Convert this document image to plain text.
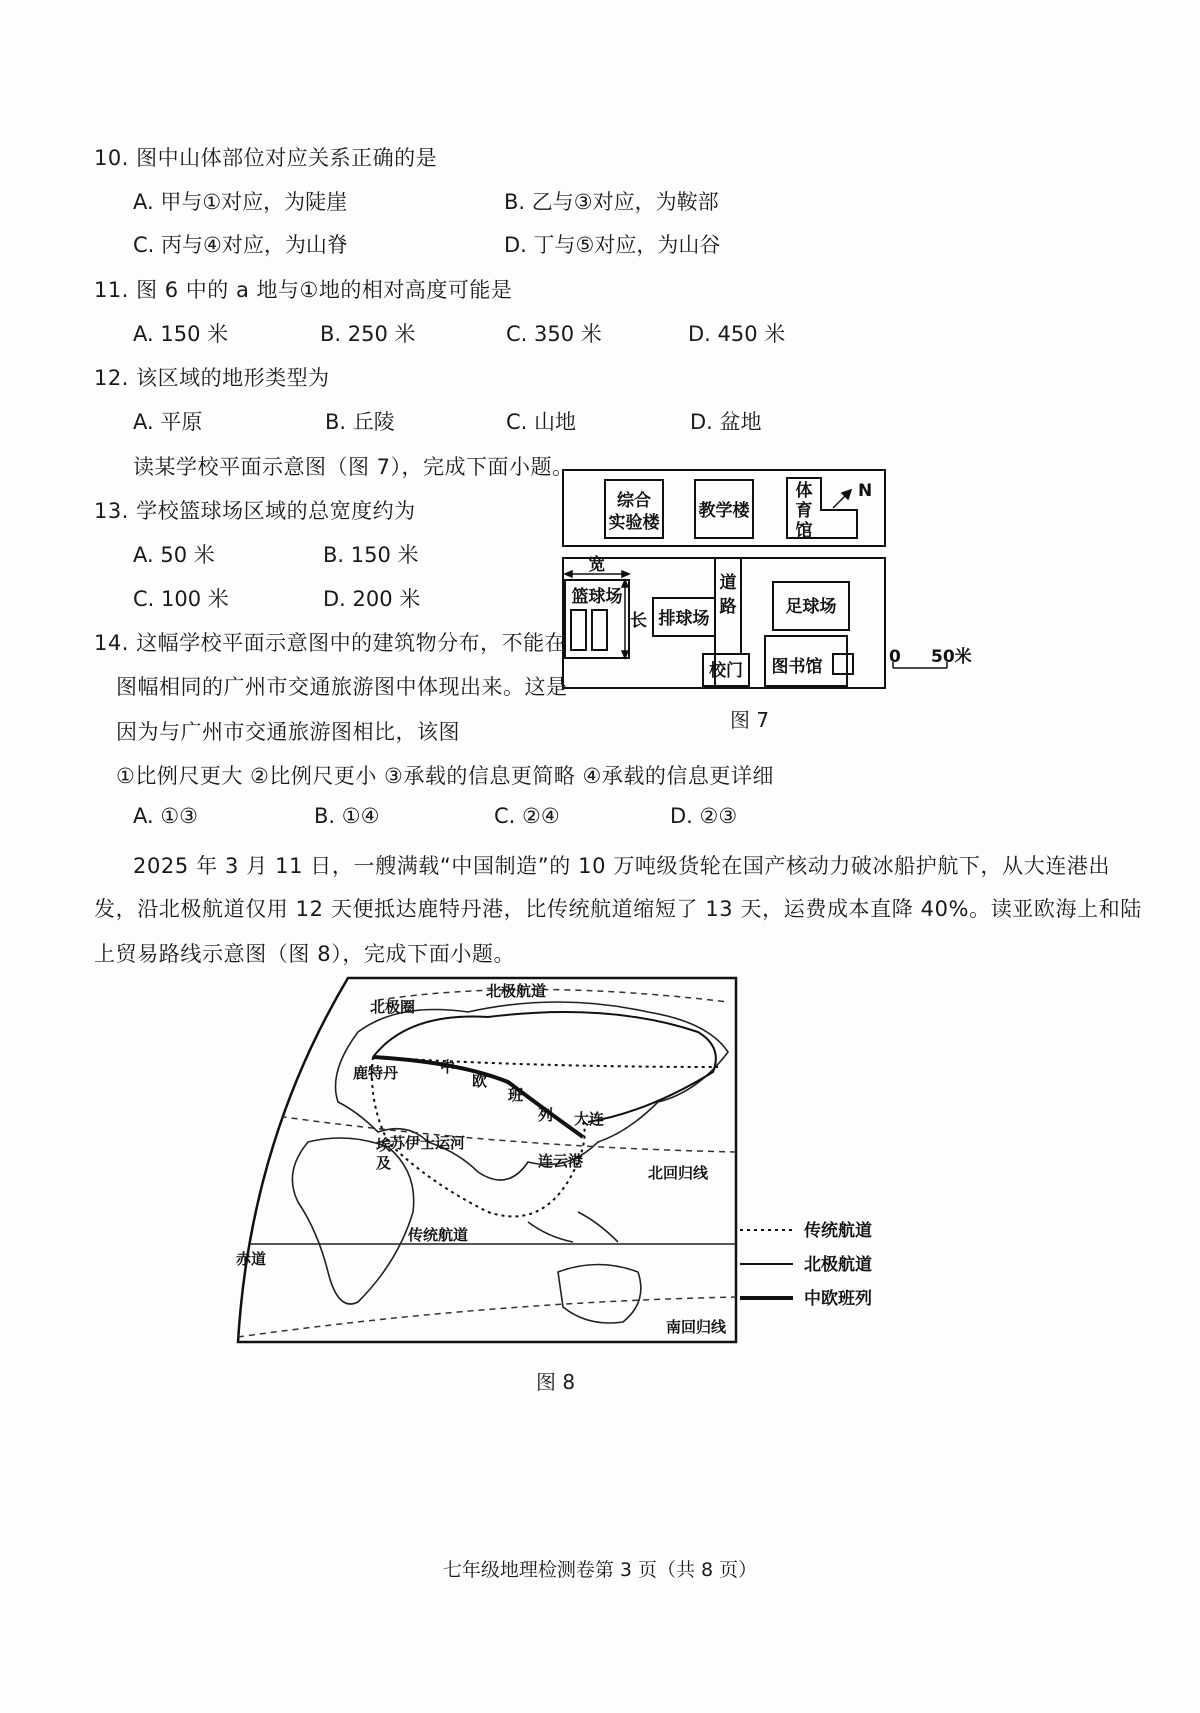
10. 图中山体部位对应关系正确的是
A. 甲与①对应，为陡崖	B. 乙与③对应，为鞍部
C. 丙与④对应，为山脊	D. 丁与⑤对应，为山谷
11. 图 6 中的 a 地与①地的相对高度可能是
A. 150 米	B. 250 米	C. 350 米	D. 450 米
12. 该区域的地形类型为
A. 平原	B. 丘陵	C. 山地	D. 盆地
读某学校平面示意图（图 7），完成下面小题。
13. 学校篮球场区域的总宽度约为
A. 50 米	B. 150 米
C. 100 米	D. 200 米
14. 这幅学校平面示意图中的建筑物分布，不能在
图幅相同的广州市交通旅游图中体现出来。这是
因为与广州市交通旅游图相比，该图
①比例尺更大 ②比例尺更小 ③承载的信息更简略 ④承载的信息更详细
A. ①③	B. ①④	C. ②④	D. ②③
综合
实验楼
教学楼
体
育
馆
N
宽
篮球场
长 排球场
道
路	足球场
校门 图书馆	0 50米
图 7
2025 年 3 月 11 日，一艘满载“中国制造”的 10 万吨级货轮在国产核动力破冰船护航下，从大连港出
发，沿北极航道仅用 12 天便抵达鹿特丹港，比传统航道缩短了 13 天，运费成本直降 40%。读亚欧海上和陆
上贸易路线示意图（图 8），完成下面小题。
北极航道
北极圈
鹿特丹	中
欧
班
列 大连
苏伊士运河
埃
及	连云港
北回归线
传统航道
赤道
南回归线
传统航道
北极航道
中欧班列
图 8
七年级地理检测卷第 3 页（共 8 页）
